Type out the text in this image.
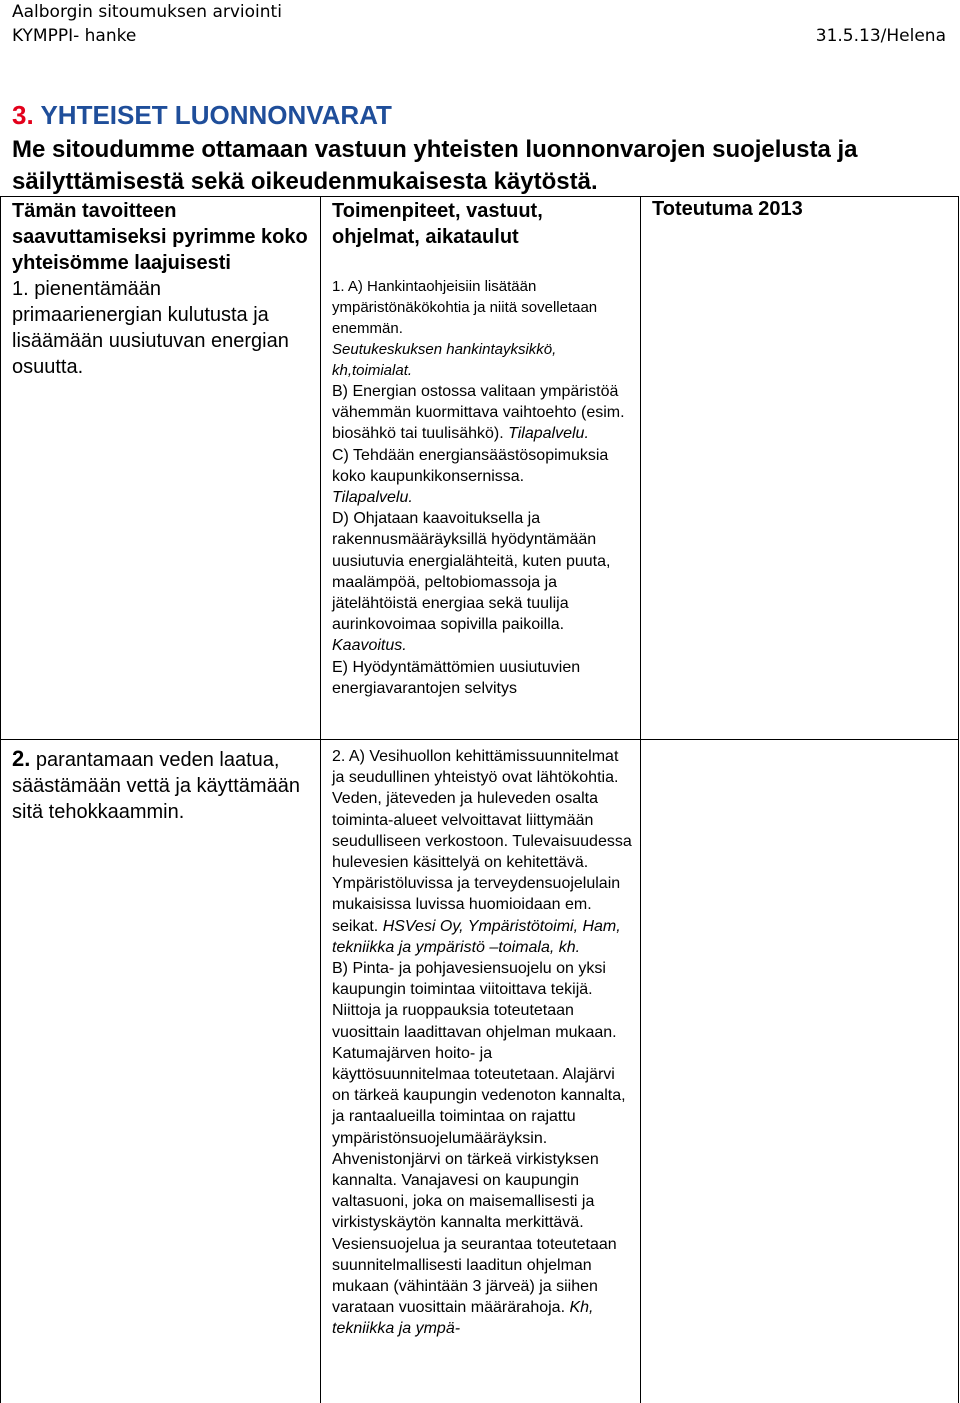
Aalborgin sitoumuksen arviointi
KYMPPI- hanke	31.5.13/Helena
3. YHTEISET LUONNONVARAT
Me sitoudumme ottamaan vastuun yhteisten luonnonvarojen suojelusta ja säilyttämisestä sekä oikeudenmukaisesta käytöstä.
Tämän tavoitteen saavuttamiseksi pyrimme koko yhteisömme laajuisesti
Toimenpiteet, vastuut, ohjelmat, aikataulut
Toteutuma 2013
1. pienentämään primaarienergian kulutusta ja lisäämään uusiutuvan energian osuutta.

1. A) Hankintaohjeisiin lisätään ympäristönäkökohtia ja niitä sovelletaan enemmän.

Seutukeskuksen hankintayksikkö, kh,toimialat.

B) Energian ostossa valitaan ympäristöä vähemmän kuormittava vaihtoehto (esim. biosähkö tai tuulisähkö). Tilapalvelu.

C) Tehdään energiansäästösopimuksia koko kaupunkikonsernissa.

Tilapalvelu.

D) Ohjataan kaavoituksella ja rakennusmääräyksillä hyödyntämään uusiutuvia energialähteitä, kuten puuta, maalämpöä, peltobiomassoja ja jätelähtöistä energiaa sekä tuulija aurinkovoimaa sopivilla paikoilla.

Kaavoitus.

E) Hyödyntämättömien uusiutuvien energiavarantojen selvitys

2. parantamaan veden laatua, säästämään vettä ja käyttämään sitä tehokkaammin.

2. A) Vesihuollon kehittämissuunnitelmat ja seudullinen yhteistyö ovat lähtökohtia. Veden, jäteveden ja huleveden osalta toiminta-alueet velvoittavat liittymään seudulliseen verkostoon. Tulevaisuudessa hulevesien käsittelyä on kehitettävä. Ympäristöluvissa ja terveydensuojelulain mukaisissa luvissa huomioidaan em. seikat. HSVesi Oy, Ympäristötoimi, Ham, tekniikka ja ympäristö –toimala, kh.

B) Pinta- ja pohjavesiensuojelu on yksi kaupungin toimintaa viitoittava tekijä. Niittoja ja ruoppauksia toteutetaan vuosittain laadittavan ohjelman mukaan. Katumajärven hoito- ja käyttösuunnitelmaa toteutetaan. Alajärvi on tärkeä kaupungin vedenoton kannalta, ja rantaalueilla toimintaa on rajattu ympäristönsuojelumääräyksin. Ahvenistonjärvi on tärkeä virkistyksen kannalta. Vanajavesi on kaupungin valtasuoni, joka on maisemallisesti ja virkistyskäytön kannalta merkittävä. Vesiensuojelua ja seurantaa toteutetaan suunnitelmallisesti laaditun ohjelman mukaan (vähintään 3 järveä) ja siihen varataan vuosittain määrärahoja. Kh, tekniikka ja ympä-
